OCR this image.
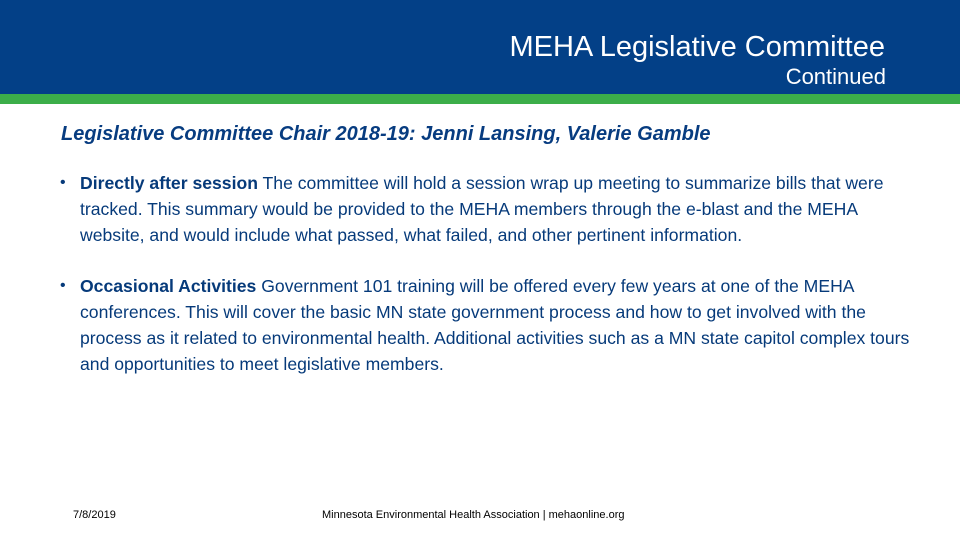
MEHA Legislative Committee
Continued
Legislative Committee Chair 2018-19: Jenni Lansing, Valerie Gamble
• Directly after session The committee will hold a session wrap up meeting to summarize bills that were tracked. This summary would be provided to the MEHA members through the e-blast and the MEHA website, and would include what passed, what failed, and other pertinent information.
• Occasional Activities Government 101 training will be offered every few years at one of the MEHA conferences. This will cover the basic MN state government process and how to get involved with the process as it related to environmental health. Additional activities such as a MN state capitol complex tours and opportunities to meet legislative members.
7/8/2019	Minnesota Environmental Health Association | mehaonline.org
